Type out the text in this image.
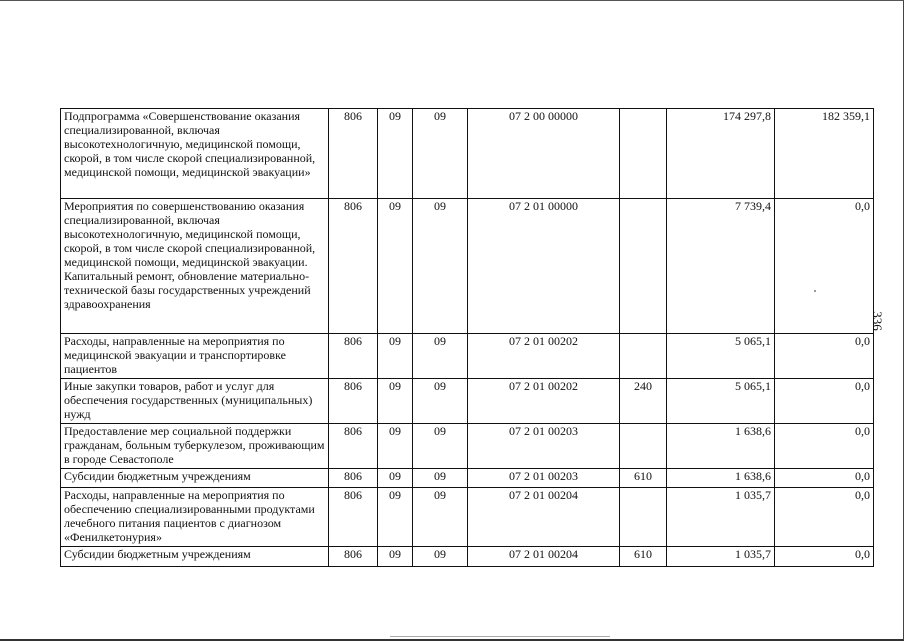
336
Подпрограмма «Совершенствование оказания специализированной, включая высокотехнологичную, медицинской помощи, скорой, в том числе скорой специализированной, медицинской помощи, медицинской эвакуации»	806	09	09	07 2 00 00000		174 297,8	182 359,1
Мероприятия по совершенствованию оказания специализированной, включая высокотехнологичную, медицинской помощи, скорой, в том числе скорой специализированной, медицинской помощи, медицинской эвакуации. Капитальный ремонт, обновление материально-технической базы государственных учреждений здравоохранения	806	09	09	07 2 01 00000		7 739,4	0,0
Расходы, направленные на мероприятия по медицинской эвакуации и транспортировке пациентов	806	09	09	07 2 01 00202		5 065,1	0,0
Иные закупки товаров, работ и услуг для обеспечения государственных (муниципальных) нужд	806	09	09	07 2 01 00202	240	5 065,1	0,0
Предоставление мер социальной поддержки гражданам, больным туберкулезом, проживающим в городе Севастополе	806	09	09	07 2 01 00203		1 638,6	0,0
Субсидии бюджетным учреждениям	806	09	09	07 2 01 00203	610	1 638,6	0,0
Расходы, направленные на мероприятия по обеспечению специализированными продуктами лечебного питания пациентов с диагнозом «Фенилкетонурия»	806	09	09	07 2 01 00204		1 035,7	0,0
Субсидии бюджетным учреждениям	806	09	09	07 2 01 00204	610	1 035,7	0,0
